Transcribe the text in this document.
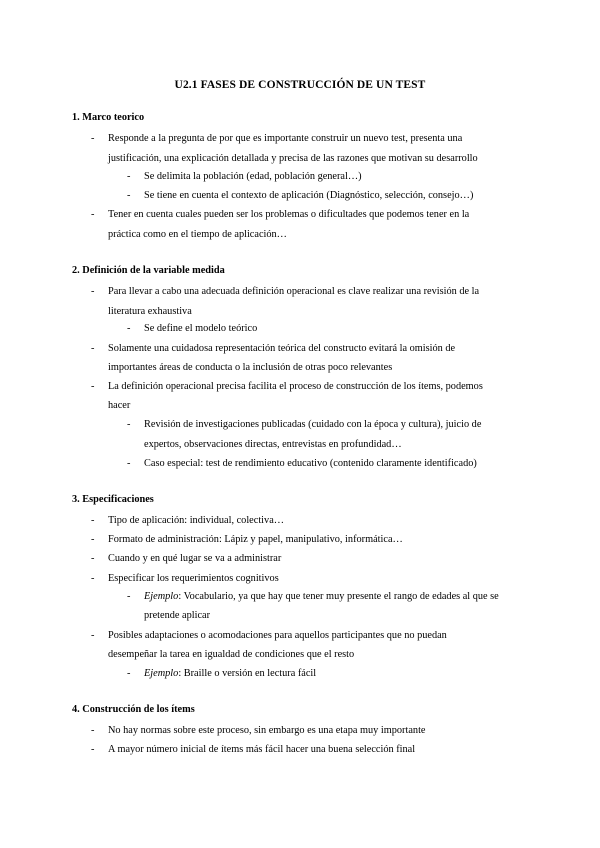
U2.1 FASES DE CONSTRUCCIÓN DE UN TEST
1. Marco teorico
-	Responde a la pregunta de por que es importante construir un nuevo test, presenta una
justificación, una explicación detallada y precisa de las razones que motivan su desarrollo
-	Se delimita la población (edad, población general…)
-	Se tiene en cuenta el contexto de aplicación (Diagnóstico, selección, consejo…)
-	Tener en cuenta cuales pueden ser los problemas o dificultades que podemos tener en la
práctica como en el tiempo de aplicación…
2. Definición de la variable medida
-	Para llevar a cabo una adecuada definición operacional es clave realizar una revisión de la
literatura exhaustiva
-	Se define el modelo teórico
-	Solamente una cuidadosa representación teórica del constructo evitará la omisión de
importantes áreas de conducta o la inclusión de otras poco relevantes
-	La definición operacional precisa facilita el proceso de construcción de los ítems, podemos
hacer
-	Revisión de investigaciones publicadas (cuidado con la época y cultura), juicio de
expertos, observaciones directas, entrevistas en profundidad…
-	Caso especial: test de rendimiento educativo (contenido claramente identificado)
3. Especificaciones
-	Tipo de aplicación: individual, colectiva…
-	Formato de administración: Lápiz y papel, manipulativo, informática…
-	Cuando y en qué lugar se va a administrar
-	Especificar los requerimientos cognitivos
-	Ejemplo: Vocabulario, ya que hay que tener muy presente el rango de edades al que se
pretende aplicar
-	Posibles adaptaciones o acomodaciones para aquellos participantes que no puedan
desempeñar la tarea en igualdad de condiciones que el resto
-	Ejemplo: Braille o versión en lectura fácil
4. Construcción de los ítems
-	No hay normas sobre este proceso, sin embargo es una etapa muy importante
-	A mayor número inicial de ítems más fácil hacer una buena selección final
